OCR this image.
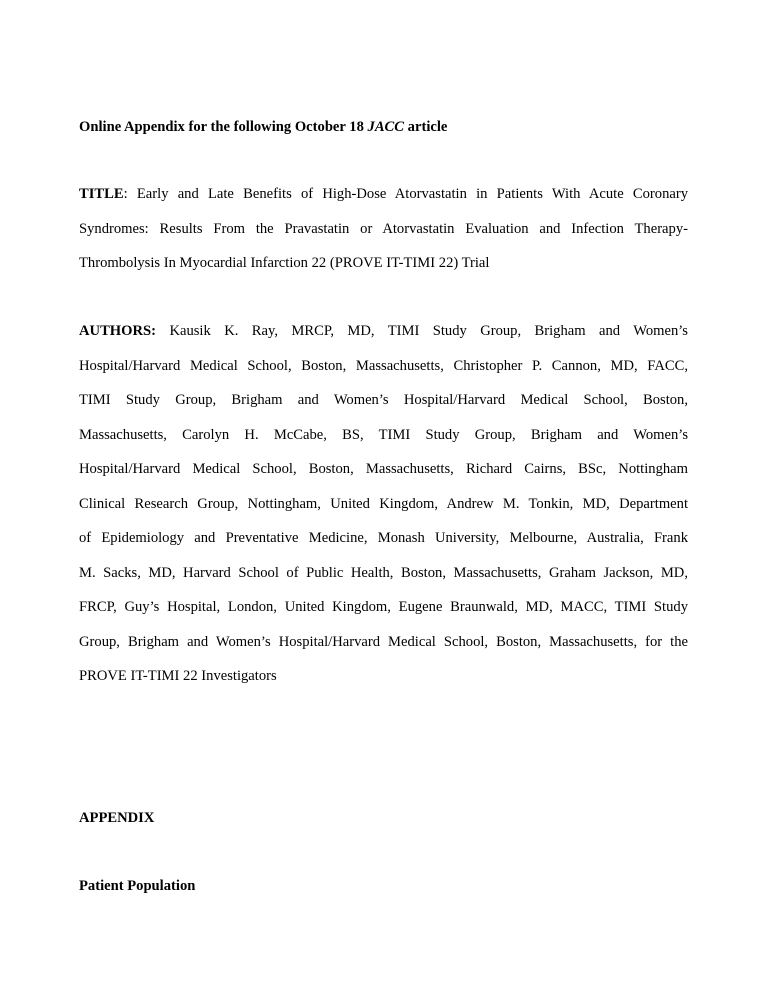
Online Appendix for the following October 18 JACC article
TITLE: Early and Late Benefits of High-Dose Atorvastatin in Patients With Acute Coronary
Syndromes: Results From the Pravastatin or Atorvastatin Evaluation and Infection Therapy-
Thrombolysis In Myocardial Infarction 22 (PROVE IT-TIMI 22) Trial
AUTHORS: Kausik K. Ray, MRCP, MD, TIMI Study Group, Brigham and Women’s
Hospital/Harvard Medical School, Boston, Massachusetts, Christopher P. Cannon, MD, FACC,
TIMI Study Group, Brigham and Women’s Hospital/Harvard Medical School, Boston,
Massachusetts, Carolyn H. McCabe, BS, TIMI Study Group, Brigham and Women’s
Hospital/Harvard Medical School, Boston, Massachusetts, Richard Cairns, BSc, Nottingham
Clinical Research Group, Nottingham, United Kingdom, Andrew M. Tonkin, MD, Department
of Epidemiology and Preventative Medicine, Monash University, Melbourne, Australia, Frank
M. Sacks, MD, Harvard School of Public Health, Boston, Massachusetts, Graham Jackson, MD,
FRCP, Guy’s Hospital, London, United Kingdom, Eugene Braunwald, MD, MACC, TIMI Study
Group, Brigham and Women’s Hospital/Harvard Medical School, Boston, Massachusetts, for the
PROVE IT-TIMI 22 Investigators
APPENDIX
Patient Population
